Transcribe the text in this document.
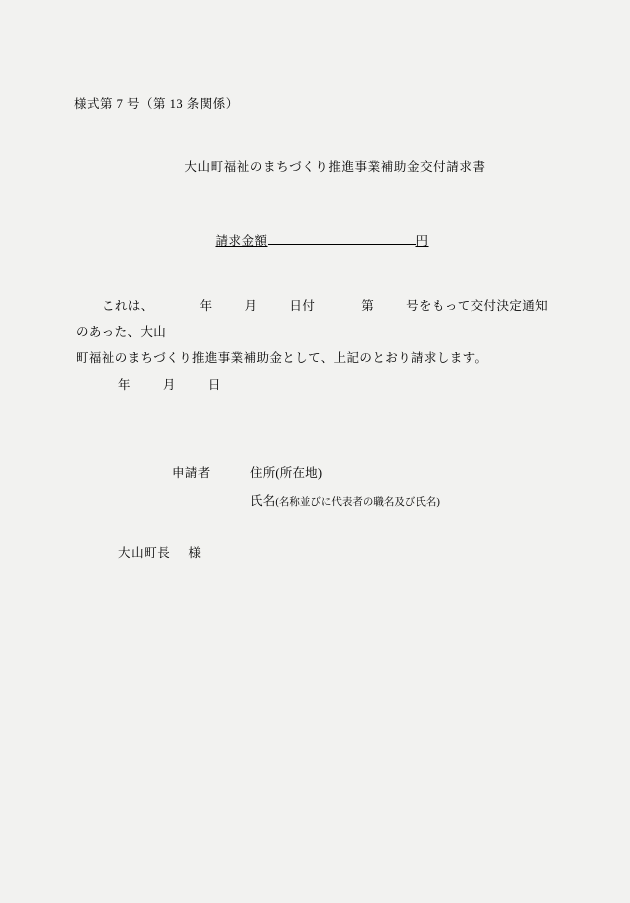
様式第 7 号（第 13 条関係）
大山町福祉のまちづくり推進事業補助金交付請求書
請求金額	円
これは、	年	月	日付	第	号をもって交付決定通知のあった、大山
町福祉のまちづくり推進事業補助金として、上記のとおり請求します。
年	月	日
申請者	住所(所在地)
氏名(名称並びに代表者の職名及び氏名)
大山町長 様
